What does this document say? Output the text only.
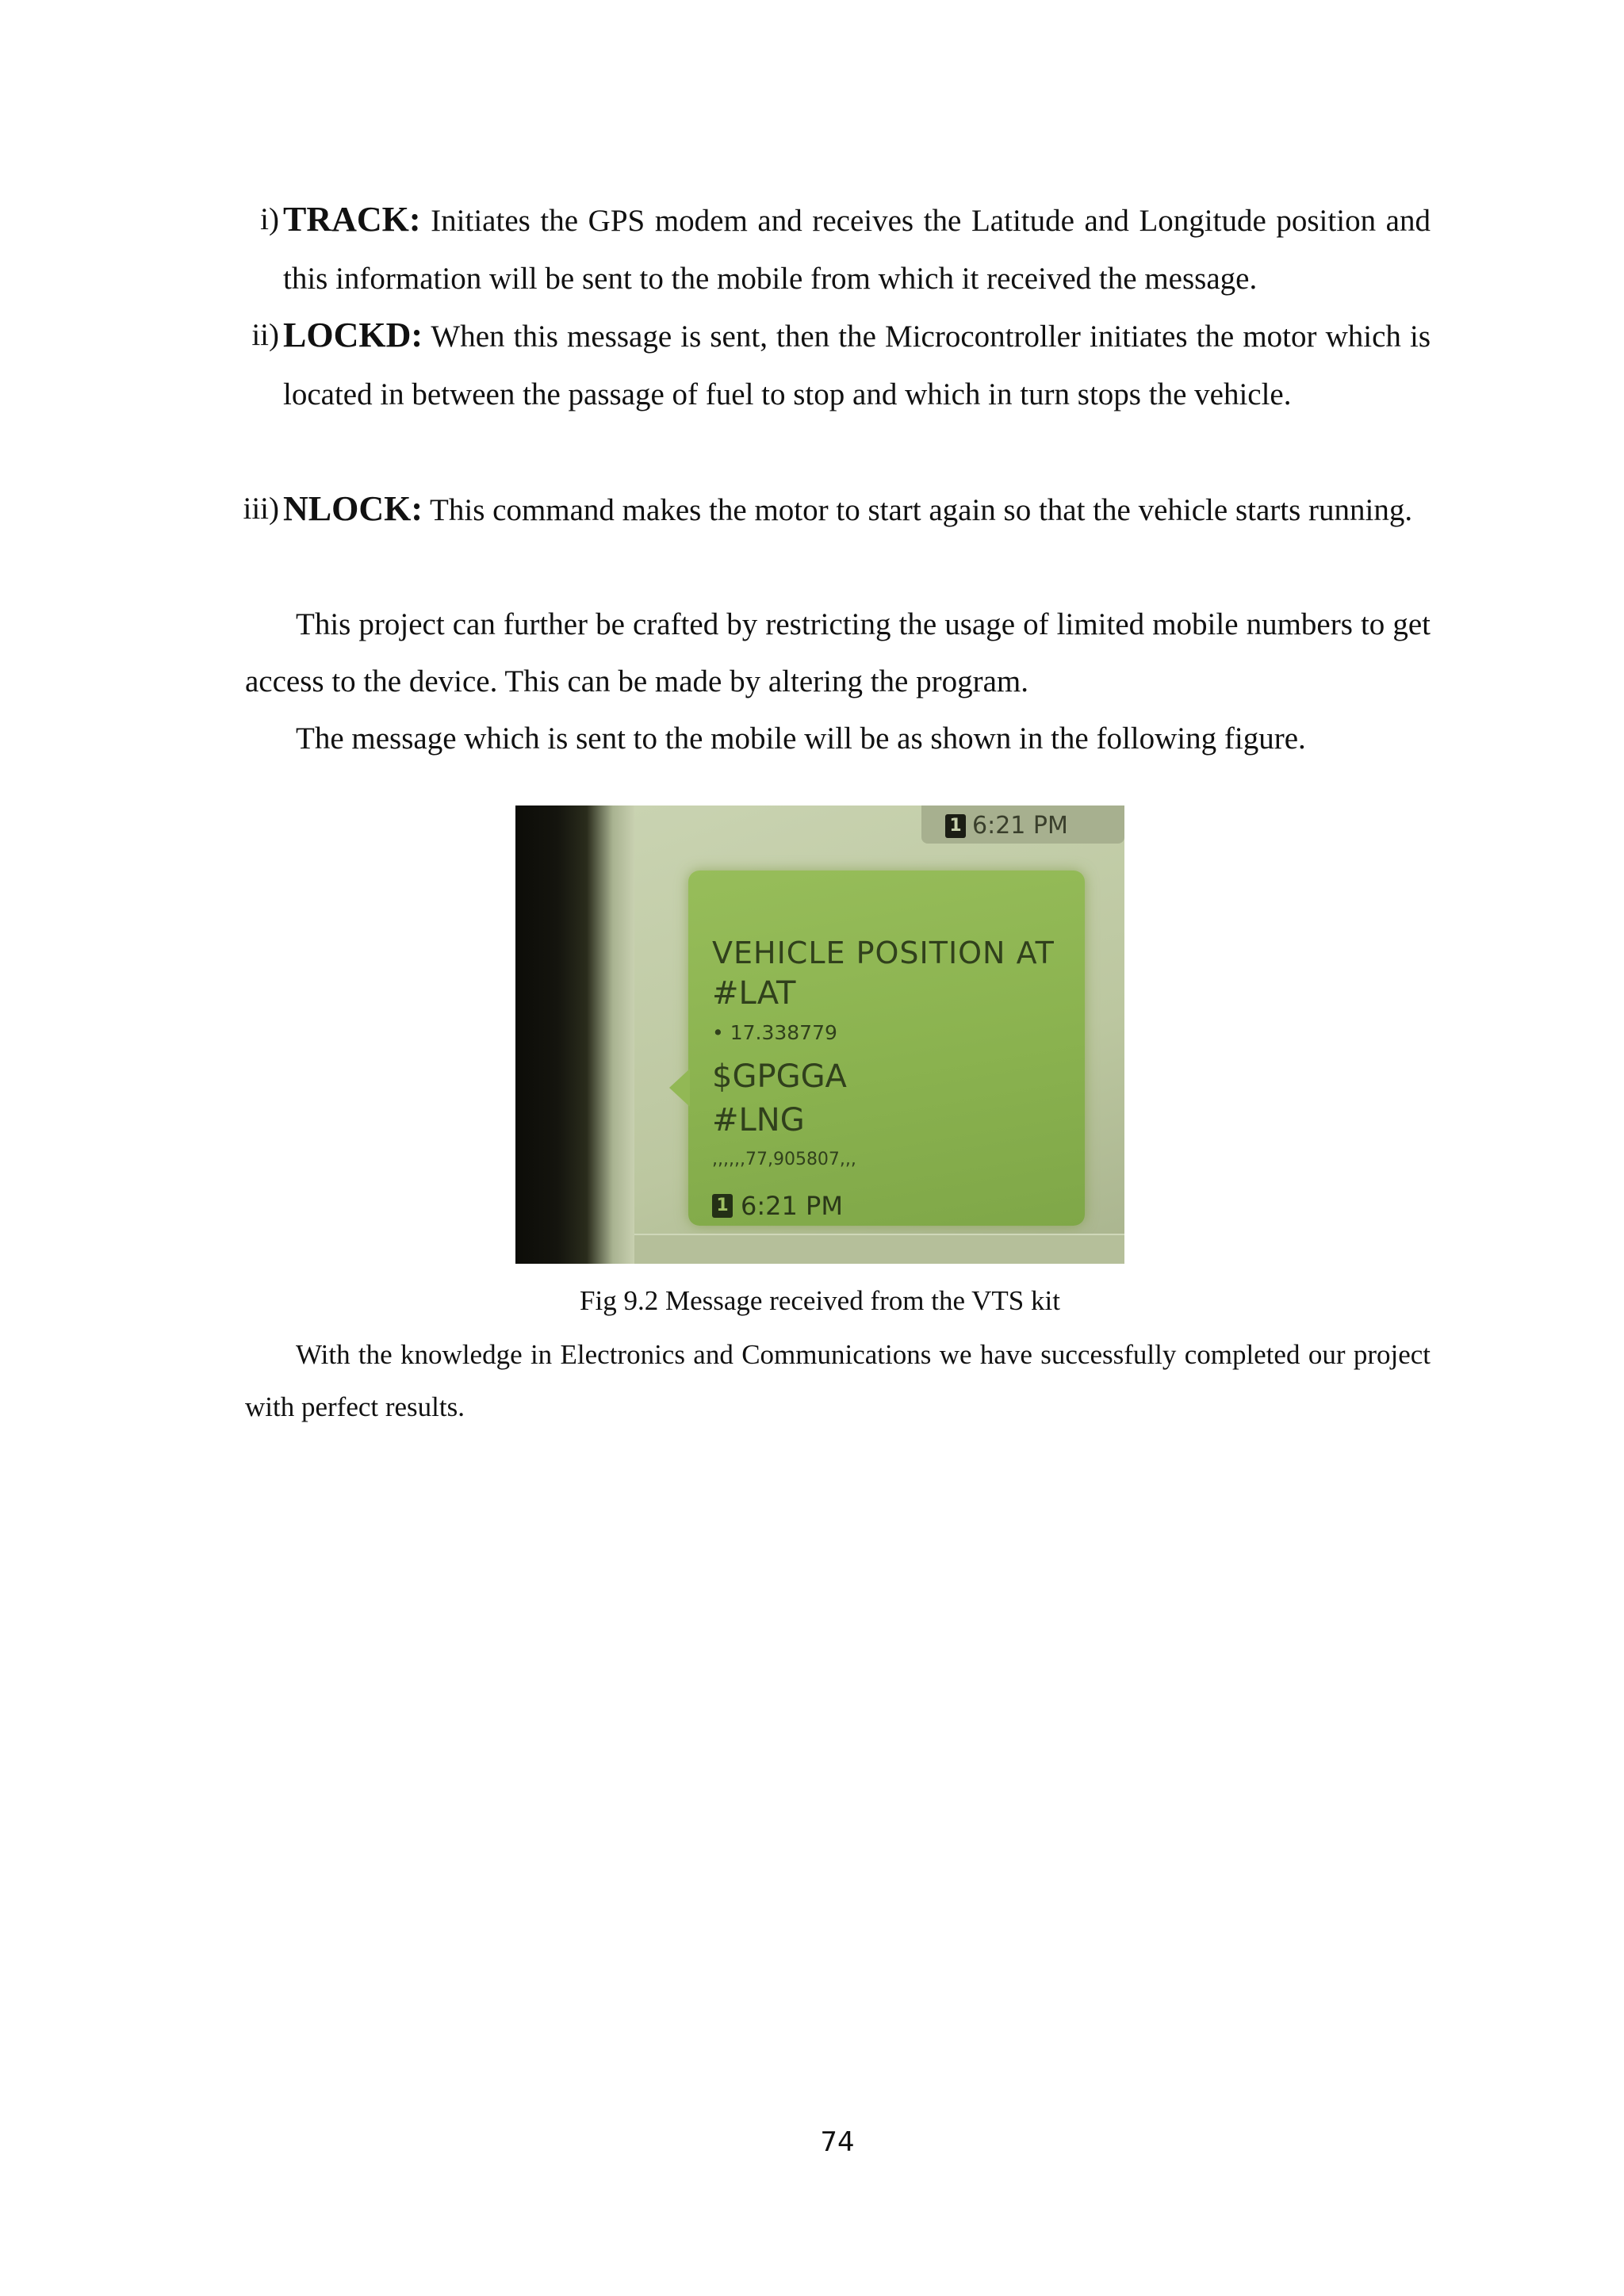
i) TRACK: Initiates the GPS modem and receives the Latitude and Longitude position and this information will be sent to the mobile from which it received the message.
ii) LOCKD: When this message is sent, then the Microcontroller initiates the motor which is located in between the passage of fuel to stop and which in turn stops the vehicle.
iii) NLOCK: This command makes the motor to start again so that the vehicle starts running.

This project can further be crafted by restricting the usage of limited mobile numbers to get access to the device. This can be made by altering the program.

The message which is sent to the mobile will be as shown in the following figure.

1 6:21 PM
VEHICLE POSITION AT
#LAT
• 17.338779
$GPGGA
#LNG
,,,,,,77,905807,,,
1 6:21 PM
Fig 9.2 Message received from the VTS kit

With the knowledge in Electronics and Communications we have successfully completed our project with perfect results.

74
